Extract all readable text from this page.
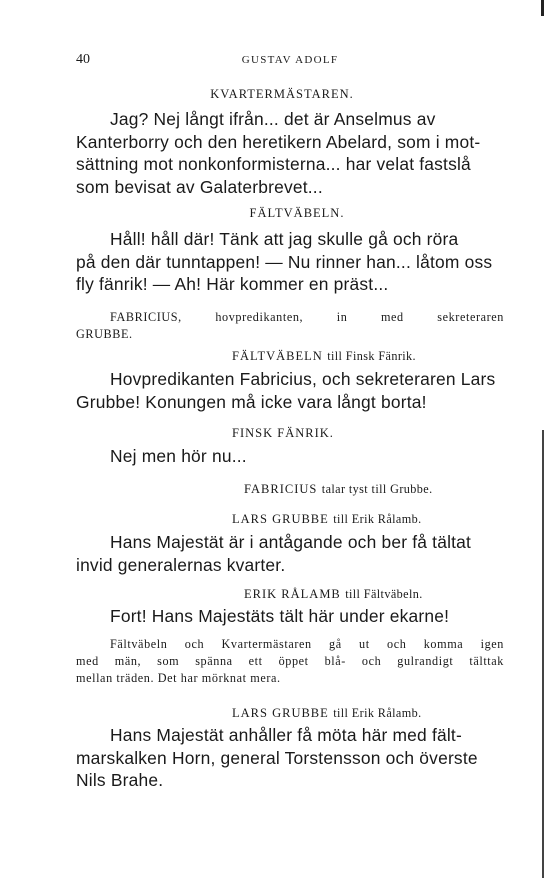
40	GUSTAV ADOLF
KVARTERMÄSTAREN.
Jag? Nej långt ifrån... det är Anselmus av
Kanterborry och den heretikern Abelard, som i mot-
sättning mot nonkonformisterna... har velat fastslå
som bevisat av Galaterbrevet...
FÄLTVÄBELN.
Håll! håll där! Tänk att jag skulle gå och röra
på den där tunntappen! — Nu rinner han... låtom oss
fly fänrik! — Ah! Här kommer en präst...
FABRICIUS, hovpredikanten, in med sekreteraren
GRUBBE.
FÄLTVÄBELN till Finsk Fänrik.
Hovpredikanten Fabricius, och sekreteraren Lars
Grubbe! Konungen må icke vara långt borta!
FINSK FÄNRIK.
Nej men hör nu...
FABRICIUS talar tyst till Grubbe.
LARS GRUBBE till Erik Rålamb.
Hans Majestät är i antågande och ber få tältat
invid generalernas kvarter.
ERIK RÅLAMB till Fältväbeln.
Fort! Hans Majestäts tält här under ekarne!
Fältväbeln och Kvartermästaren gå ut och komma igen
med män, som spänna ett öppet blå- och gulrandigt tälttak
mellan träden. Det har mörknat mera.
LARS GRUBBE till Erik Rålamb.
Hans Majestät anhåller få möta här med fält-
marskalken Horn, general Torstensson och överste
Nils Brahe.
